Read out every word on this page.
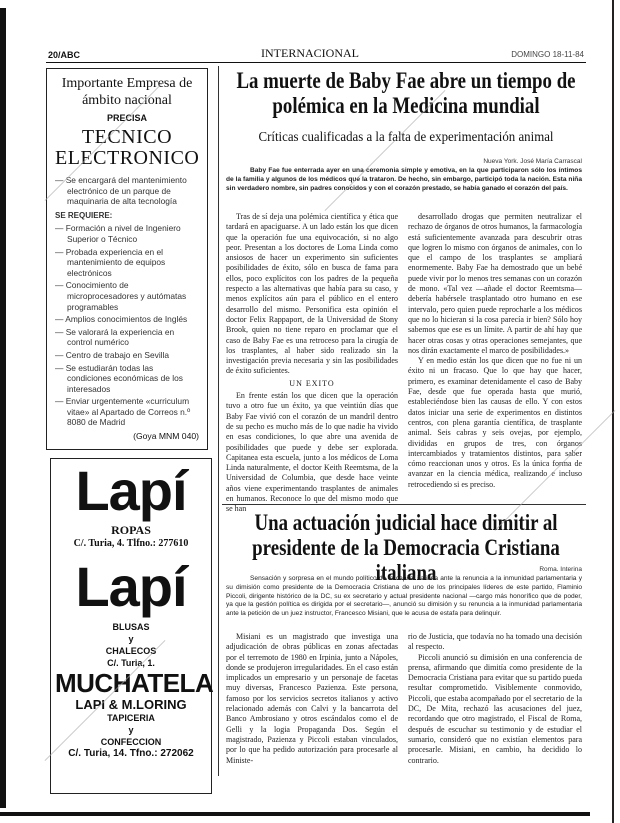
20/ABC	INTERNACIONAL	DOMINGO 18-11-84
Importante Empresa de
ámbito nacional
PRECISA
TECNICO
ELECTRONICO
— Se encargará del mantenimiento electrónico de un parque de maquinaria de alta tecnología
SE REQUIERE:
— Formación a nivel de Ingeniero Superior o Técnico
— Probada experiencia en el mantenimiento de equipos electrónicos
— Conocimiento de microprocesadores y autómatas programables
— Amplios conocimientos de Inglés
— Se valorará la experiencia en control numérico
— Centro de trabajo en Sevilla
— Se estudiarán todas las condiciones económicas de los interesados
— Enviar urgentemente «curriculum vitae» al Apartado de Correos n.º 8080 de Madrid
(Goya MNM 040)
Lapí
ROPAS
C/. Turia, 4. Tlfno.: 277610
Lapí
BLUSAS
y
CHALECOS
C/. Turia, 1.
MUCHATELA
LAPI & M.LORING
TAPICERIA
y
CONFECCION
C/. Turia, 14. Tfno.: 272062
La muerte de Baby Fae abre un tiempo de polémica en la Medicina mundial
Críticas cualificadas a la falta de experimentación animal
Nueva York. José María Carrascal
Baby Fae fue enterrada ayer en una ceremonia simple y emotiva, en la que participaron sólo los íntimos de la familia y algunos de los médicos que la trataron. De hecho, sin embargo, participó toda la nación. Esta niña sin verdadero nombre, sin padres conocidos y con el corazón prestado, se había ganado el corazón del país.

Tras de sí deja una polémica científica y ética que tardará en apaciguarse. A un lado están los que dicen que la operación fue una equivocación, si no algo peor. Presentan a los doctores de Loma Linda como ansiosos de hacer un experimento sin suficientes posibilidades de éxito, sólo en busca de fama para ellos, poco explícitos con los padres de la pequeña respecto a las alternativas que había para su caso, y menos explícitos aún para el público en el entero desarrollo del mismo. Personifica esta opinión el doctor Felix Rappaport, de la Universidad de Stony Brook, quien no tiene reparo en proclamar que el caso de Baby Fae es una retroceso para la cirugía de los trasplantes, al haber sido realizado sin la investigación previa necesaria y sin las posibilidades de éxito suficientes.

UN EXITO

En frente están los que dicen que la operación tuvo a otro fue un éxito, ya que veintiún días que Baby Fae vivió con el corazón de un mandril dentro de su pecho es mucho más de lo que nadie ha vivido en esas condiciones, lo que abre una avenida de posibilidades que puede y debe ser explorada. Capitanea esta escuela, junto a los médicos de Loma Linda naturalmente, el doctor Keith Reemtsma, de la Universidad de Columbia, que desde hace veinte años viene experimentando trasplantes de animales en humanos. Reconoce lo que del mismo modo que se han

desarrollado drogas que permiten neutralizar el rechazo de órganos de otros humanos, la farmacología está suficientemente avanzada para descubrir otras que logren lo mismo con órganos de animales, con lo que el campo de los trasplantes se ampliará enormemente. Baby Fae ha demostrado que un bebé puede vivir por lo menos tres semanas con un corazón de mono. «Tal vez —añade el doctor Reemtsma— debería habérsele trasplantado otro humano en ese intervalo, pero quien puede reprocharle a los médicos que no lo hicieran si la cosa parecía ir bien? Sólo hoy sabemos que ese es un límite. A partir de ahí hay que hacer otras cosas y otras operaciones semejantes, que nos dirán exactamente el marco de posibilidades.»

Y en medio están los que dicen que no fue ni un éxito ni un fracaso. Que lo que hay que hacer, primero, es examinar detenidamente el caso de Baby Fae, desde que fue operada hasta que murió, estableciéndose bien las causas de ello. Y con estos datos iniciar una serie de experimentos en distintos centros, con plena garantía científica, de trasplante animal. Seis cabras y seis ovejas, por ejemplo, divididas en grupos de tres, con órganos intercambiados y tratamientos distintos, para saber cómo reaccionan unos y otros. Es la única forma de avanzar en la ciencia médica, realizando e incluso retrocediendo si es preciso.

Una actuación judicial hace dimitir al presidente de la Democracia Cristiana italiana	Roma. Interina
Sensación y sorpresa en el mundo político de la capital italiana ante la renuncia a la inmunidad parlamentaria y su dimisión como presidente de la Democracia Cristiana de uno de los principales líderes de este partido, Flaminio Piccoli, dirigente histórico de la DC, su ex secretario y actual presidente nacional —cargo más honorífico que de poder, ya que la gestión política es dirigida por el secretario—, anunció su dimisión y su renuncia a la inmunidad parlamentaria ante la petición de un juez instructor, Francesco Misiani, que le acusa de estafa para delinquir.

Misiani es un magistrado que investiga una adjudicación de obras públicas en zonas afectadas por el terremoto de 1980 en Irpinia, junto a Nápoles, donde se produjeron irregularidades. En el caso están implicados un empresario y un personaje de facetas muy diversas, Francesco Pazienza. Este persona, famoso por los servicios secretos italianos y activo relacionado además con Calvi y la bancarrota del Banco Ambrosiano y otros escándalos como el de Gelli y la logia Propaganda Dos. Según el magistrado, Pazienza y Piccoli estaban vinculados, por lo que ha pedido autorización para procesarle al Ministe-

rio de Justicia, que todavía no ha tomado una decisión al respecto.

Piccoli anunció su dimisión en una conferencia de prensa, afirmando que dimitía como presidente de la Democracia Cristiana para evitar que su partido pueda resultar comprometido. Visiblemente conmovido, Piccoli, que estaba acompañado por el secretario de la DC, De Mita, rechazó las acusaciones del juez, recordando que otro magistrado, el Fiscal de Roma, después de escuchar su testimonio y de estudiar el sumario, consideró que no existían elementos para procesarle. Misiani, en cambio, ha decidido lo contrario.
